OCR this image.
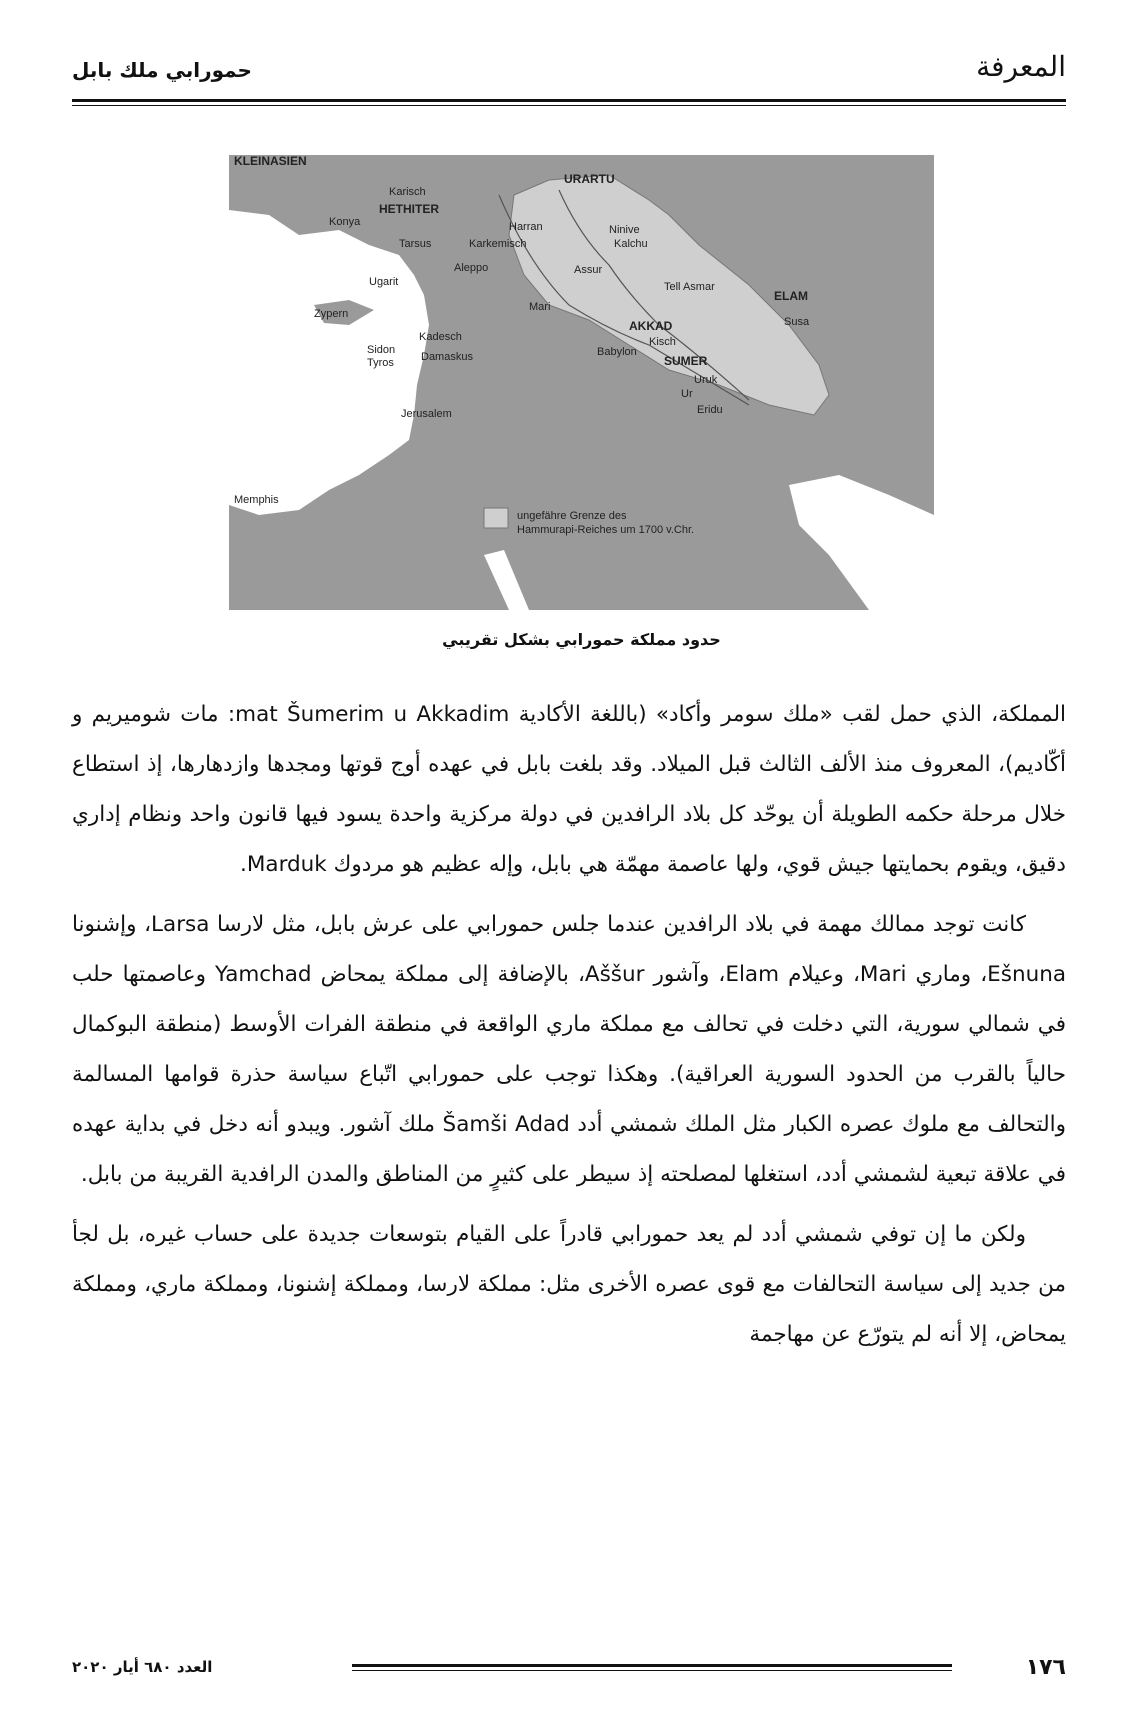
حمورابي ملك بابل	المعرفة
ungefähre Grenze des
Hammurapi-Reiches um 1700 v.Chr.
KLEINASIEN
HETHITER
URARTU
ELAM
AKKAD
SUMER
Karisch
Konya
Tarsus
Harran
Karkemisch
Aleppo
Ninive
Kalchu
Assur
Tell Asmar
Susa
Ugarit
Mari
Kisch
Babylon
Uruk
Ur
Eridu
Kadesch
Damaskus
Sidon
Tyros
Jerusalem
Memphis
Zypern
حدود مملكة حمورابي بشكل تقريبي

المملكة، الذي حمل لقب «ملك سومر وأكاد» (باللغة الأكادية mat Šumerim u Akkadim: مات شوميريم و أكّاديم)، المعروف منذ الألف الثالث قبل الميلاد. وقد بلغت بابل في عهده أوج قوتها ومجدها وازدهارها، إذ استطاع خلال مرحلة حكمه الطويلة أن يوحّد كل بلاد الرافدين في دولة مركزية واحدة يسود فيها قانون واحد ونظام إداري دقيق، ويقوم بحمايتها جيش قوي، ولها عاصمة مهمّة هي بابل، وإله عظيم هو مردوك Marduk.

كانت توجد ممالك مهمة في بلاد الرافدين عندما جلس حمورابي على عرش بابل، مثل لارسا Larsa، وإشنونا Ešnuna، وماري Mari، وعيلام Elam، وآشور Aššur، بالإضافة إلى مملكة يمحاض Yamchad وعاصمتها حلب في شمالي سورية، التي دخلت في تحالف مع مملكة ماري الواقعة في منطقة الفرات الأوسط (منطقة البوكمال حالياً بالقرب من الحدود السورية العراقية). وهكذا توجب على حمورابي اتّباع سياسة حذرة قوامها المسالمة والتحالف مع ملوك عصره الكبار مثل الملك شمشي أدد Šamši Adad ملك آشور. ويبدو أنه دخل في بداية عهده في علاقة تبعية لشمشي أدد، استغلها لمصلحته إذ سيطر على كثيرٍ من المناطق والمدن الرافدية القريبة من بابل.

ولكن ما إن توفي شمشي أدد لم يعد حمورابي قادراً على القيام بتوسعات جديدة على حساب غيره، بل لجأ من جديد إلى سياسة التحالفات مع قوى عصره الأخرى مثل: مملكة لارسا، ومملكة إشنونا، ومملكة ماري، ومملكة يمحاض، إلا أنه لم يتورّع عن مهاجمة

١٧٦
العدد ٦٨٠ أيار ٢٠٢٠
